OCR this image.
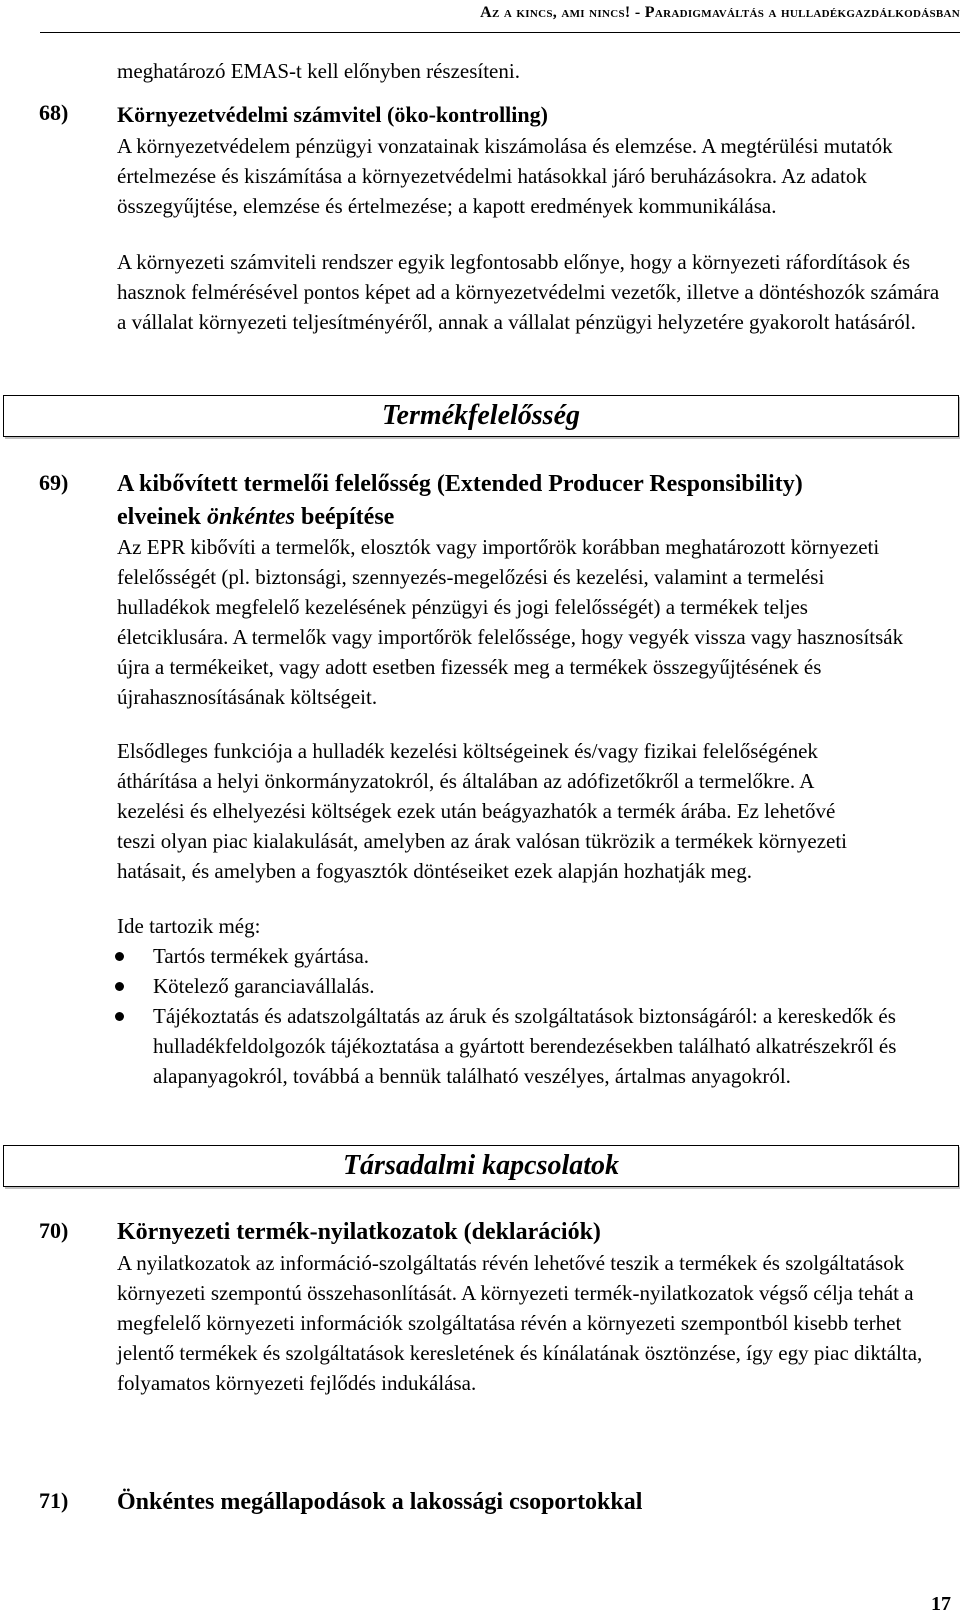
Az a kincs, ami nincs! - Paradigmaváltás a hulladékgazdálkodásban

meghatározó EMAS-t kell előnyben részesíteni.

68) Környezetvédelmi számvitel (öko-kontrolling)

A környezetvédelem pénzügyi vonzatainak kiszámolása és elemzése. A megtérülési mutatók értelmezése és kiszámítása a környezetvédelmi hatásokkal járó beruházásokra. Az adatok összegyűjtése, elemzése és értelmezése; a kapott eredmények kommunikálása.

A környezeti számviteli rendszer egyik legfontosabb előnye, hogy a környezeti ráfordítások és hasznok felmérésével pontos képet ad a környezetvédelmi vezetők, illetve a döntéshozók számára a vállalat környezeti teljesítményéről, annak a vállalat pénzügyi helyzetére gyakorolt hatásáról.

Termékfelelősség
69) A kibővített termelői felelősség (Extended Producer Responsibility) elveinek önkéntes beépítése

Az EPR kibővíti a termelők, elosztók vagy importőrök korábban meghatározott környezeti felelősségét (pl. biztonsági, szennyezés-megelőzési és kezelési, valamint a termelési hulladékok megfelelő kezelésének pénzügyi és jogi felelősségét) a termékek teljes életciklusára. A termelők vagy importőrök felelőssége, hogy vegyék vissza vagy hasznosítsák újra a termékeiket, vagy adott esetben fizessék meg a termékek összegyűjtésének és újrahasznosításának költségeit.

Elsődleges funkciója a hulladék kezelési költségeinek és/vagy fizikai felelőségének áthárítása a helyi önkormányzatokról, és általában az adófizetőkről a termelőkre. A kezelési és elhelyezési költségek ezek után beágyazhatók a termék árába. Ez lehetővé teszi olyan piac kialakulását, amelyben az árak valósan tükrözik a termékek környezeti hatásait, és amelyben a fogyasztók döntéseiket ezek alapján hozhatják meg.

Ide tartozik még:

Tartós termékek gyártása.
Kötelező garanciavállalás.
Tájékoztatás és adatszolgáltatás az áruk és szolgáltatások biztonságáról: a kereskedők és hulladékfeldolgozók tájékoztatása a gyártott berendezésekben található alkatrészekről és alapanyagokról, továbbá a bennük található veszélyes, ártalmas anyagokról.
Társadalmi kapcsolatok
70) Környezeti termék-nyilatkozatok (deklarációk)

A nyilatkozatok az információ-szolgáltatás révén lehetővé teszik a termékek és szolgáltatások környezeti szempontú összehasonlítását. A környezeti termék-nyilatkozatok végső célja tehát a megfelelő környezeti információk szolgáltatása révén a környezeti szempontból kisebb terhet jelentő termékek és szolgáltatások keresletének és kínálatának ösztönzése, így egy piac diktálta, folyamatos környezeti fejlődés indukálása.

71) Önkéntes megállapodások a lakossági csoportokkal
17
